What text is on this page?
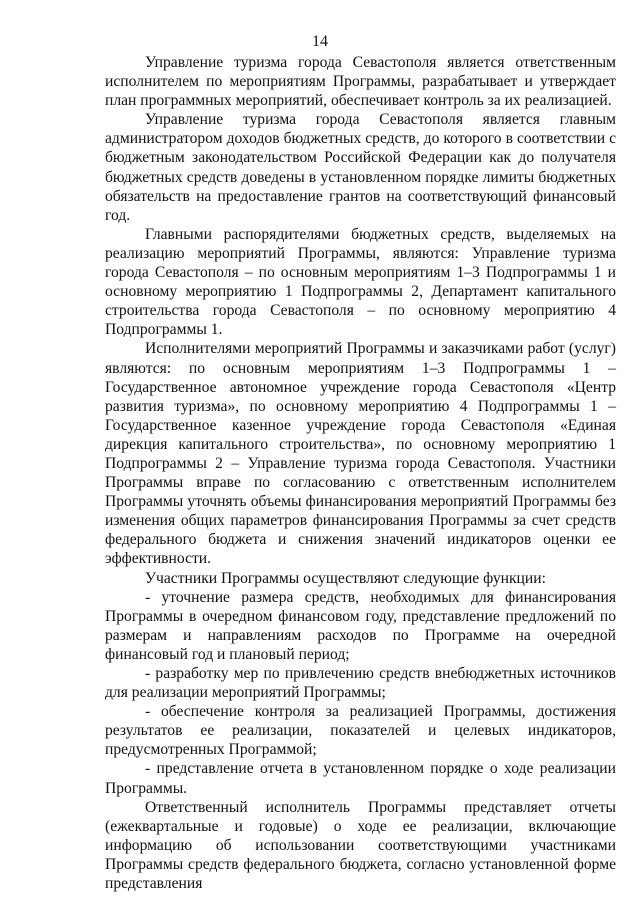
14

Управление туризма города Севастополя является ответственным исполнителем по мероприятиям Программы, разрабатывает и утверждает план программных мероприятий, обеспечивает контроль за их реализацией.

Управление туризма города Севастополя является главным администратором доходов бюджетных средств, до которого в соответствии с бюджетным законодательством Российской Федерации как до получателя бюджетных средств доведены в установленном порядке лимиты бюджетных обязательств на предоставление грантов на соответствующий финансовый год.

Главными распорядителями бюджетных средств, выделяемых на реализацию мероприятий Программы, являются: Управление туризма города Севастополя – по основным мероприятиям 1–3 Подпрограммы 1 и основному мероприятию 1 Подпрограммы 2, Департамент капитального строительства города Севастополя – по основному мероприятию 4 Подпрограммы 1.

Исполнителями мероприятий Программы и заказчиками работ (услуг) являются: по основным мероприятиям 1–3 Подпрограммы 1 – Государственное автономное учреждение города Севастополя «Центр развития туризма», по основному мероприятию 4 Подпрограммы 1 – Государственное казенное учреждение города Севастополя «Единая дирекция капитального строительства», по основному мероприятию 1 Подпрограммы 2 – Управление туризма города Севастополя. Участники Программы вправе по согласованию с ответственным исполнителем Программы уточнять объемы финансирования мероприятий Программы без изменения общих параметров финансирования Программы за счет средств федерального бюджета и снижения значений индикаторов оценки ее эффективности.

Участники Программы осуществляют следующие функции:

- уточнение размера средств, необходимых для финансирования Программы в очередном финансовом году, представление предложений по размерам и направлениям расходов по Программе на очередной финансовый год и плановый период;

- разработку мер по привлечению средств внебюджетных источников для реализации мероприятий Программы;

- обеспечение контроля за реализацией Программы, достижения результатов ее реализации, показателей и целевых индикаторов, предусмотренных Программой;

- представление отчета в установленном порядке о ходе реализации Программы.

Ответственный исполнитель Программы представляет отчеты (ежеквартальные и годовые) о ходе ее реализации, включающие информацию об использовании соответствующими участниками Программы средств федерального бюджета, согласно установленной форме представления
